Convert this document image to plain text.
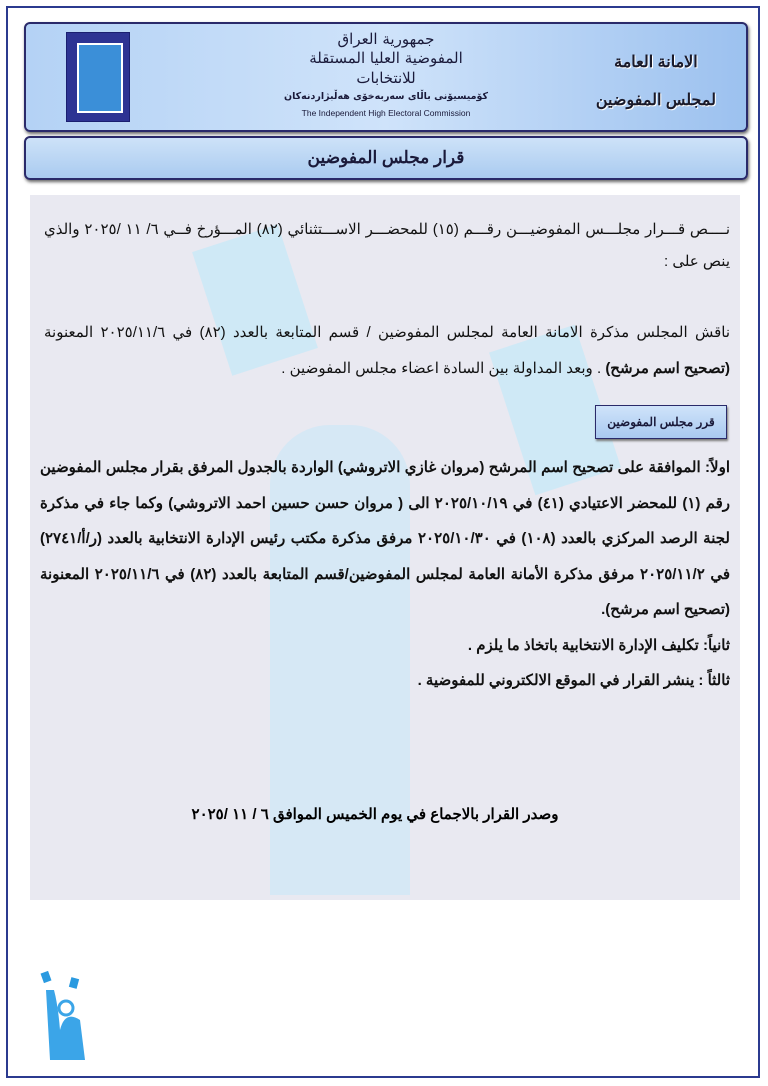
جمهورية العراق
المفوضية العليا المستقلة للانتخابات
كۆمیسیۆنی باڵای سەربەخۆی هەڵبژاردنەکان
The Independent High Electoral Commission
الامانة العامة
لمجلس المفوضين
قرار مجلس المفوضين
نــــص قـــرار مجلـــس المفوضيـــن رقـــم (١٥) للمحضـــر الاســـتثنائي (٨٢) المـــؤرخ فــي ٦/ ١١ /٢٠٢٥ والذي ينص على :
ناقش المجلس مذكرة الامانة العامة لمجلس المفوضين / قسم المتابعة بالعدد (٨٢) في ٢٠٢٥/١١/٦ المعنونة (تصحيح اسم مرشح) . وبعد المداولة بين السادة اعضاء مجلس المفوضين .
قرر مجلس المفوضين

اولاً: الموافقة على تصحيح اسم المرشح (مروان غازي الاتروشي) الواردة بالجدول المرفق بقرار مجلس المفوضين رقم (١) للمحضر الاعتيادي (٤١) في ٢٠٢٥/١٠/١٩ الى ( مروان حسن حسين احمد الاتروشي) وكما جاء في مذكرة لجنة الرصد المركزي بالعدد (١٠٨) في ٢٠٢٥/١٠/٣٠ مرفق مذكرة مكتب رئيس الإدارة الانتخابية بالعدد (ر/أ/٢٧٤١) في ٢٠٢٥/١١/٢ مرفق مذكرة الأمانة العامة لمجلس المفوضين/قسم المتابعة بالعدد (٨٢) في ٢٠٢٥/١١/٦ المعنونة (تصحيح اسم مرشح).

ثانياً: تكليف الإدارة الانتخابية باتخاذ ما يلزم .

ثالثاً : ينشر القرار في الموقع الالكتروني للمفوضية .

وصدر القرار بالاجماع في يوم الخميس الموافق ٦ / ١١ /٢٠٢٥
